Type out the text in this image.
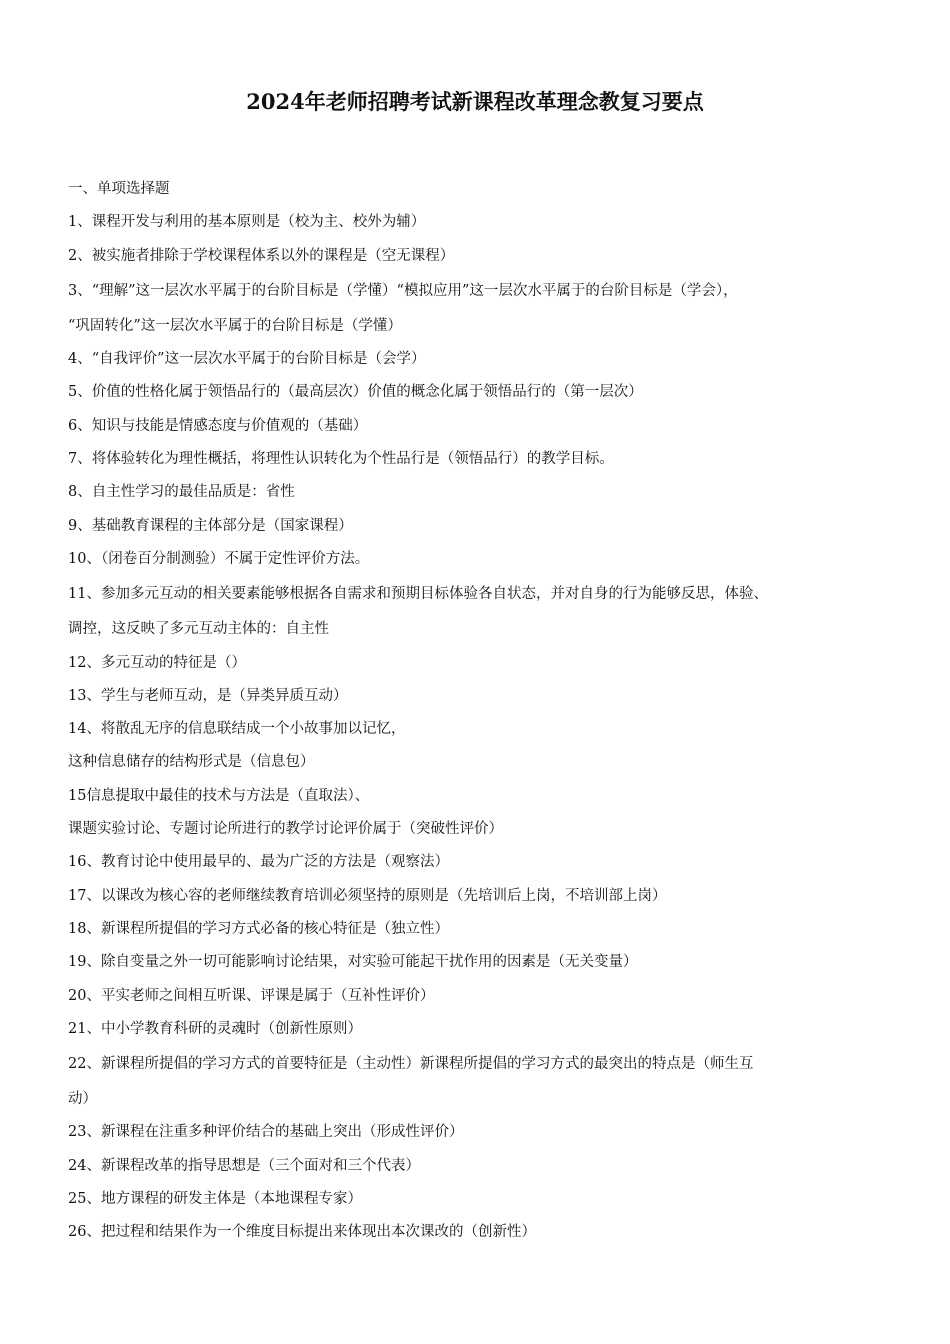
2024年老师招聘考试新课程改革理念教复习要点
一、单项选择题
1、课程开发与利用的基本原则是（校为主、校外为辅）
2、被实施者排除于学校课程体系以外的课程是（空无课程）
3、“理解”这一层次水平属于的台阶目标是（学懂）“模拟应用”这一层次水平属于的台阶目标是（学会），
“巩固转化”这一层次水平属于的台阶目标是（学懂）
4、“自我评价”这一层次水平属于的台阶目标是（会学）
5、价值的性格化属于领悟品行的（最高层次）价值的概念化属于领悟品行的（第一层次）
6、知识与技能是情感态度与价值观的（基础）
7、将体验转化为理性概括，将理性认识转化为个性品行是（领悟品行）的教学目标。
8、自主性学习的最佳品质是：省性
9、基础教育课程的主体部分是（国家课程）
10、（闭卷百分制测验）不属于定性评价方法。
11、参加多元互动的相关要素能够根据各自需求和预期目标体验各自状态，并对自身的行为能够反思，体验、
调控，这反映了多元互动主体的：自主性
12、多元互动的特征是（）
13、学生与老师互动，是（异类异质互动）
14、将散乱无序的信息联结成一个小故事加以记忆，
这种信息储存的结构形式是（信息包）
15信息提取中最佳的技术与方法是（直取法）、
课题实验讨论、专题讨论所进行的教学讨论评价属于（突破性评价）
16、教育讨论中使用最早的、最为广泛的方法是（观察法）
17、以课改为核心容的老师继续教育培训必须坚持的原则是（先培训后上岗，不培训部上岗）
18、新课程所提倡的学习方式必备的核心特征是（独立性）
19、除自变量之外一切可能影响讨论结果，对实验可能起干扰作用的因素是（无关变量）
20、平实老师之间相互听课、评课是属于（互补性评价）
21、中小学教育科研的灵魂时（创新性原则）
22、新课程所提倡的学习方式的首要特征是（主动性）新课程所提倡的学习方式的最突出的特点是（师生互
动）
23、新课程在注重多种评价结合的基础上突出（形成性评价）
24、新课程改革的指导思想是（三个面对和三个代表）
25、地方课程的研发主体是（本地课程专家）
26、把过程和结果作为一个维度目标提出来体现出本次课改的（创新性）
